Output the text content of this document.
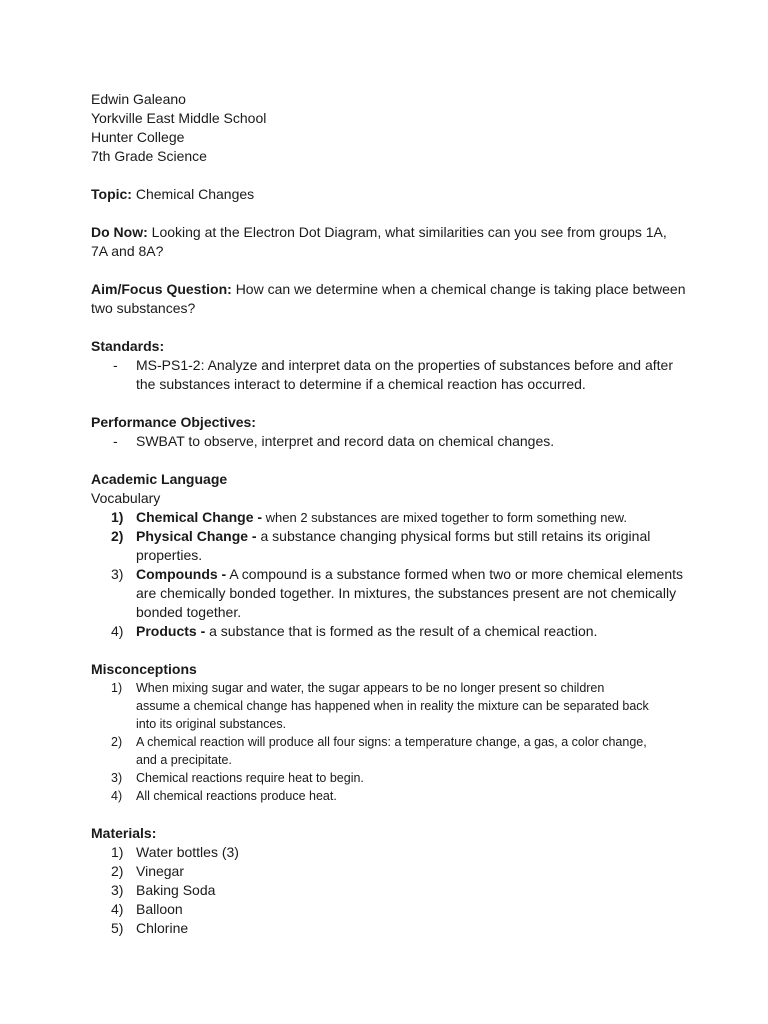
Edwin Galeano

Yorkville East Middle School

Hunter College

7th Grade Science

Topic: Chemical Changes

Do Now: Looking at the Electron Dot Diagram, what similarities can you see from groups 1A,

7A and 8A?

Aim/Focus Question: How can we determine when a chemical change is taking place between

two substances?

Standards:

- MS-PS1-2: Analyze and interpret data on the properties of substances before and after
the substances interact to determine if a chemical reaction has occurred.

Performance Objectives:

- SWBAT to observe, interpret and record data on chemical changes.

Academic Language

Vocabulary

1) Chemical Change - when 2 substances are mixed together to form something new.
2) Physical Change - a substance changing physical forms but still retains its original
properties.
3) Compounds - A compound is a substance formed when two or more chemical elements
are chemically bonded together. In mixtures, the substances present are not chemically
bonded together.
4) Products - a substance that is formed as the result of a chemical reaction.

Misconceptions

1) When mixing sugar and water, the sugar appears to be no longer present so children
assume a chemical change has happened when in reality the mixture can be separated back
into its original substances.
2) A chemical reaction will produce all four signs: a temperature change, a gas, a color change,
and a precipitate.
3) Chemical reactions require heat to begin.
4) All chemical reactions produce heat.

Materials:

1) Water bottles (3)
2) Vinegar
3) Baking Soda
4) Balloon
5) Chlorine
